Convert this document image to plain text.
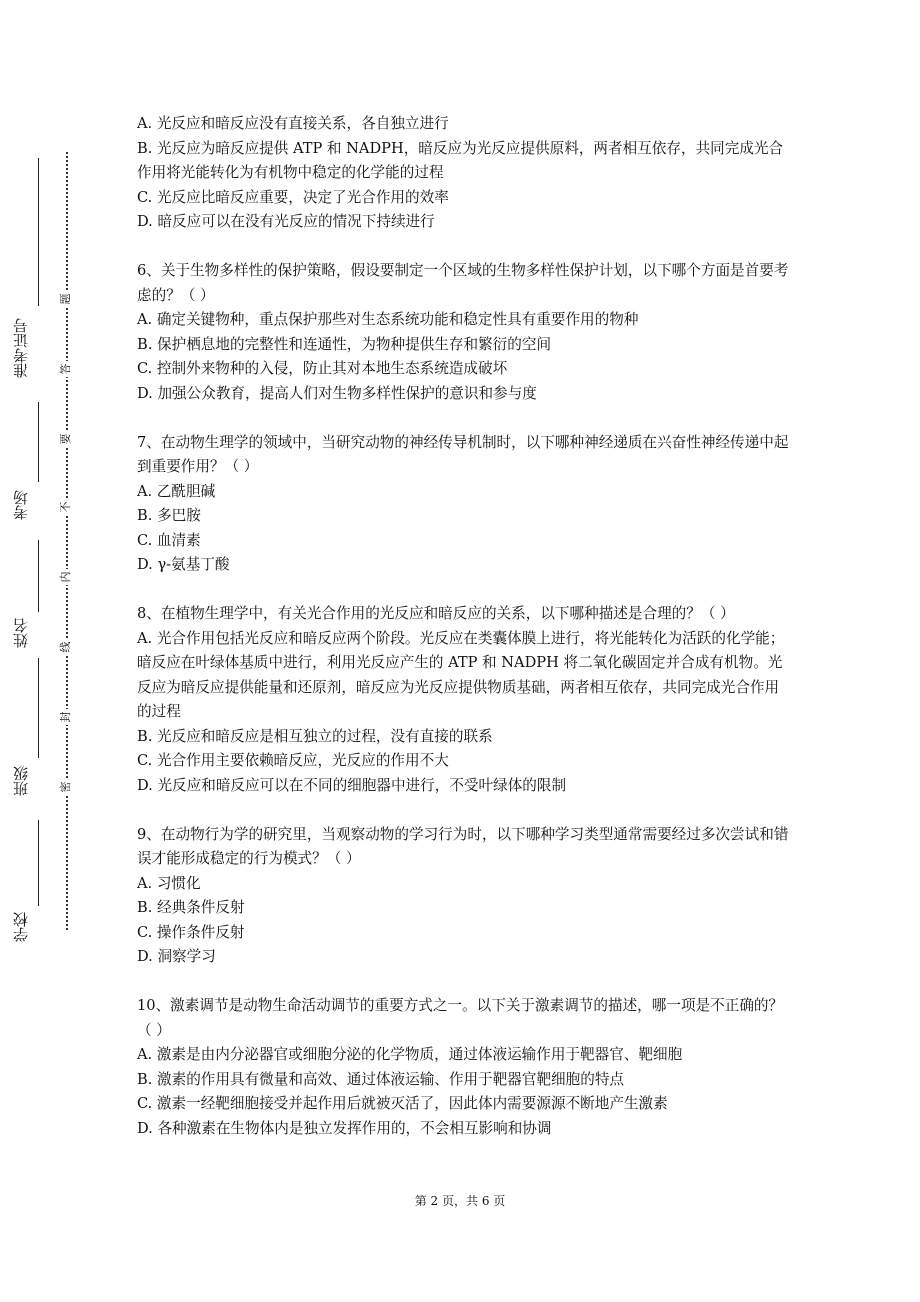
准考证号
考场
姓名
班级
学校
题
答
要
不
内
线
封
密

A. 光反应和暗反应没有直接关系，各自独立进行

B. 光反应为暗反应提供 ATP 和 NADPH，暗反应为光反应提供原料，两者相互依存，共同完成光合作用将光能转化为有机物中稳定的化学能的过程

C. 光反应比暗反应重要，决定了光合作用的效率

D. 暗反应可以在没有光反应的情况下持续进行

6、关于生物多样性的保护策略，假设要制定一个区域的生物多样性保护计划，以下哪个方面是首要考虑的？（ ）

A. 确定关键物种，重点保护那些对生态系统功能和稳定性具有重要作用的物种

B. 保护栖息地的完整性和连通性，为物种提供生存和繁衍的空间

C. 控制外来物种的入侵，防止其对本地生态系统造成破坏

D. 加强公众教育，提高人们对生物多样性保护的意识和参与度

7、在动物生理学的领域中，当研究动物的神经传导机制时，以下哪种神经递质在兴奋性神经传递中起到重要作用？（ ）

A. 乙酰胆碱

B. 多巴胺

C. 血清素

D. γ-氨基丁酸

8、在植物生理学中，有关光合作用的光反应和暗反应的关系，以下哪种描述是合理的？（ ）

A. 光合作用包括光反应和暗反应两个阶段。光反应在类囊体膜上进行，将光能转化为活跃的化学能；暗反应在叶绿体基质中进行，利用光反应产生的 ATP 和 NADPH 将二氧化碳固定并合成有机物。光反应为暗反应提供能量和还原剂，暗反应为光反应提供物质基础，两者相互依存，共同完成光合作用的过程

B. 光反应和暗反应是相互独立的过程，没有直接的联系

C. 光合作用主要依赖暗反应，光反应的作用不大

D. 光反应和暗反应可以在不同的细胞器中进行，不受叶绿体的限制

9、在动物行为学的研究里，当观察动物的学习行为时，以下哪种学习类型通常需要经过多次尝试和错误才能形成稳定的行为模式？（ ）

A. 习惯化

B. 经典条件反射

C. 操作条件反射

D. 洞察学习

10、激素调节是动物生命活动调节的重要方式之一。以下关于激素调节的描述，哪一项是不正确的？（ ）

A. 激素是由内分泌器官或细胞分泌的化学物质，通过体液运输作用于靶器官、靶细胞

B. 激素的作用具有微量和高效、通过体液运输、作用于靶器官靶细胞的特点

C. 激素一经靶细胞接受并起作用后就被灭活了，因此体内需要源源不断地产生激素

D. 各种激素在生物体内是独立发挥作用的，不会相互影响和协调

第 2 页，共 6 页
